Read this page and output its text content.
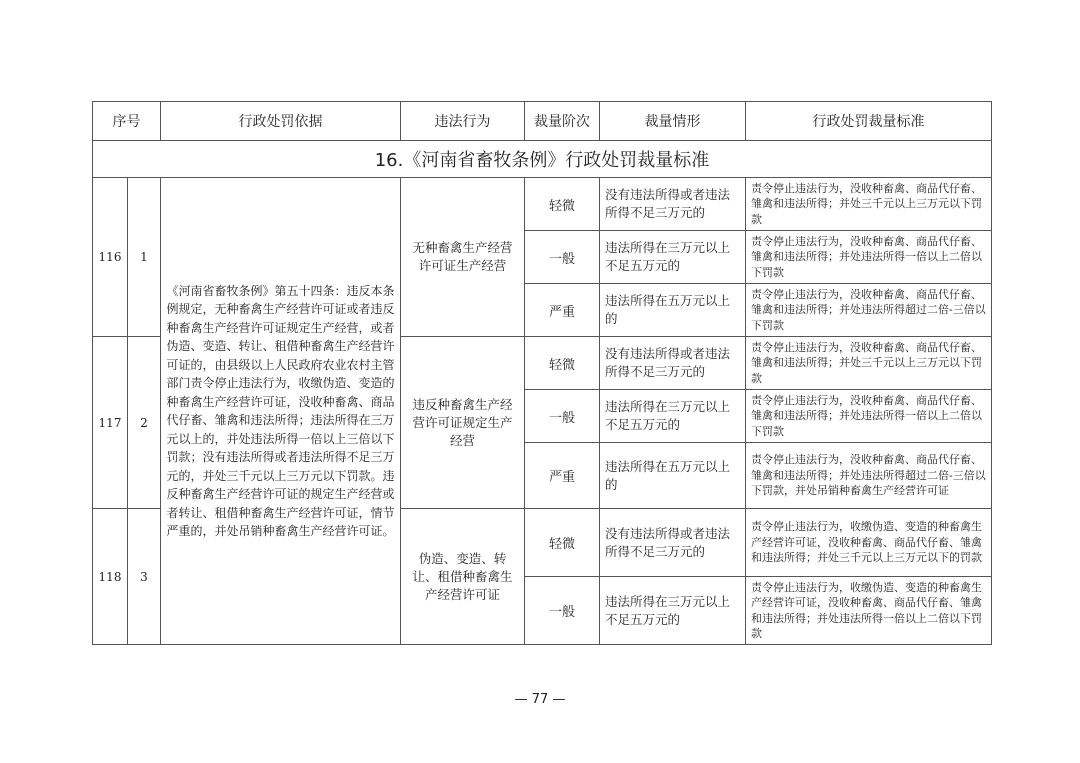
序号		行政处罚依据	违法行为	裁量阶次	裁量情形	行政处罚裁量标准
16.《河南省畜牧条例》行政处罚裁量标准						
116	1	《河南省畜牧条例》第五十四条：违反本条例规定，无种畜禽生产经营许可证或者违反种畜禽生产经营许可证规定生产经营，或者伪造、变造、转让、租借种畜禽生产经营许可证的，由县级以上人民政府农业农村主管部门责令停止违法行为，收缴伪造、变造的种畜禽生产经营许可证，没收种畜禽、商品代仔畜、雏禽和违法所得；违法所得在三万元以上的，并处违法所得一倍以上三倍以下罚款；没有违法所得或者违法所得不足三万元的，并处三千元以上三万元以下罚款。违反种畜禽生产经营许可证的规定生产经营或者转让、租借种畜禽生产经营许可证，情节严重的，并处吊销种畜禽生产经营许可证。	无种畜禽生产经营许可证生产经营	轻微	没有违法所得或者违法所得不足三万元的	责令停止违法行为，没收种畜禽、商品代仔畜、雏禽和违法所得；并处三千元以上三万元以下罚款
				一般	违法所得在三万元以上不足五万元的	责令停止违法行为，没收种畜禽、商品代仔畜、雏禽和违法所得；并处违法所得一倍以上二倍以下罚款
				严重	违法所得在五万元以上的	责令停止违法行为，没收种畜禽、商品代仔畜、雏禽和违法所得；并处违法所得超过二倍-三倍以下罚款
117	2		违反种畜禽生产经营许可证规定生产经营	轻微	没有违法所得或者违法所得不足三万元的	责令停止违法行为，没收种畜禽、商品代仔畜、雏禽和违法所得；并处三千元以上三万元以下罚款
				一般	违法所得在三万元以上不足五万元的	责令停止违法行为，没收种畜禽、商品代仔畜、雏禽和违法所得；并处违法所得一倍以上二倍以下罚款
				严重	违法所得在五万元以上的	责令停止违法行为，没收种畜禽、商品代仔畜、雏禽和违法所得；并处违法所得超过二倍-三倍以下罚款，并处吊销种畜禽生产经营许可证
118	3		伪造、变造、转让、租借种畜禽生产经营许可证	轻微	没有违法所得或者违法所得不足三万元的	责令停止违法行为，收缴伪造、变造的种畜禽生产经营许可证，没收种畜禽、商品代仔畜、雏禽和违法所得；并处三千元以上三万元以下的罚款
				一般	违法所得在三万元以上不足五万元的	责令停止违法行为，收缴伪造、变造的种畜禽生产经营许可证，没收种畜禽、商品代仔畜、雏禽和违法所得；并处违法所得一倍以上二倍以下罚款
— 77 —
